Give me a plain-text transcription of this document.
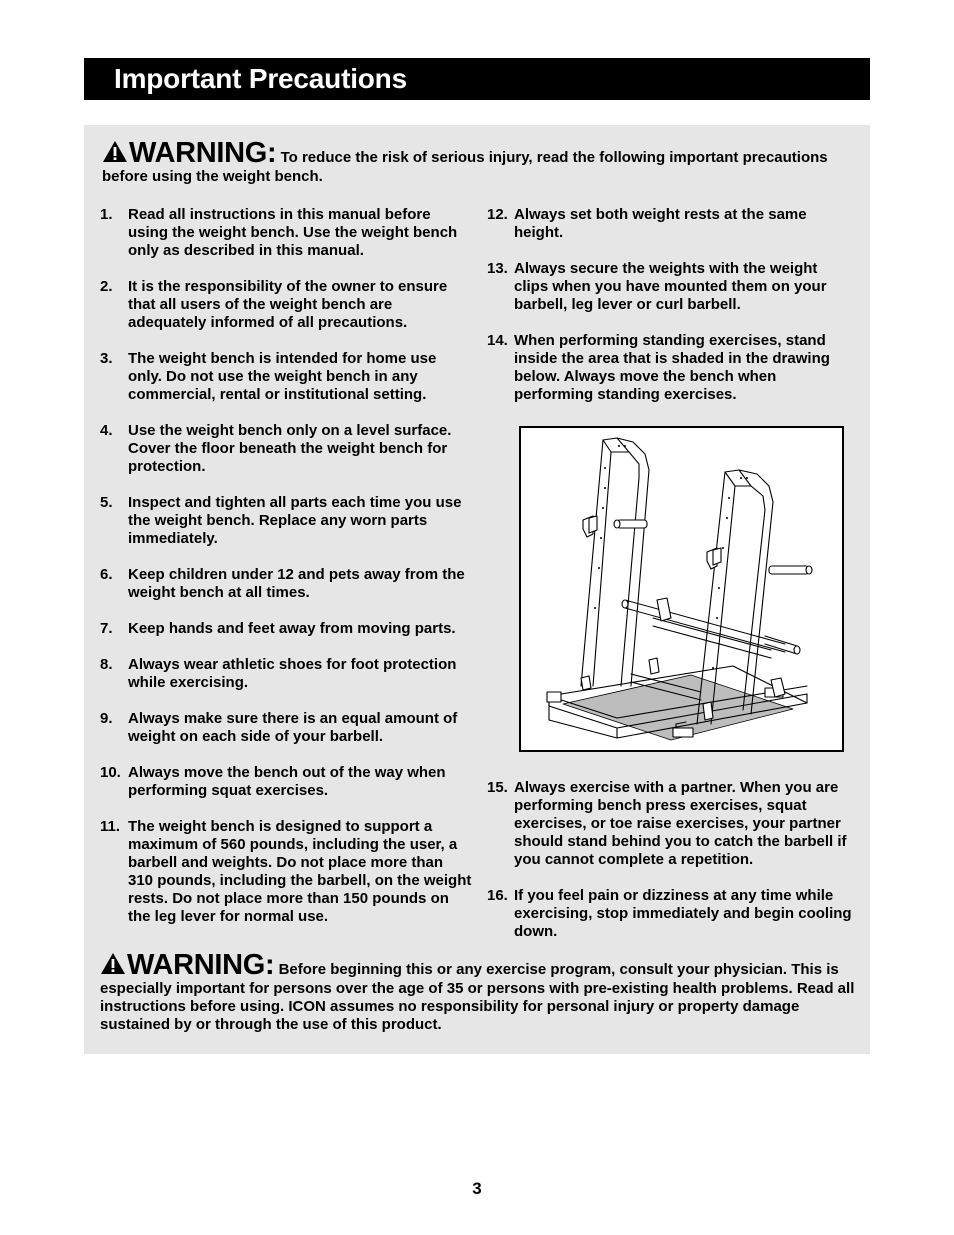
Important Precautions
WARNING: To reduce the risk of serious injury, read the following important precautions before using the weight bench.
1. Read all instructions in this manual before using the weight bench. Use the weight bench only as described in this manual.
2. It is the responsibility of the owner to ensure that all users of the weight bench are adequately informed of all precautions.
3. The weight bench is intended for home use only. Do not use the weight bench in any commercial, rental or institutional setting.
4. Use the weight bench only on a level surface. Cover the floor beneath the weight bench for protection.
5. Inspect and tighten all parts each time you use the weight bench. Replace any worn parts immediately.
6. Keep children under 12 and pets away from the weight bench at all times.
7. Keep hands and feet away from moving parts.
8. Always wear athletic shoes for foot protection while exercising.
9. Always make sure there is an equal amount of weight on each side of your barbell.
10. Always move the bench out of the way when performing squat exercises.
11. The weight bench is designed to support a maximum of 560 pounds, including the user, a barbell and weights. Do not place more than 310 pounds, including the barbell, on the weight rests. Do not place more than 150 pounds on the leg lever for normal use.
12. Always set both weight rests at the same height.
13. Always secure the weights with the weight clips when you have mounted them on your barbell, leg lever or curl barbell.
14. When performing standing exercises, stand inside the area that is shaded in the drawing below. Always move the bench when performing standing exercises.
15. Always exercise with a partner. When you are performing bench press exercises, squat exercises, or toe raise exercises, your partner should stand behind you to catch the barbell if you cannot complete a repetition.
16. If you feel pain or dizziness at any time while exercising, stop immediately and begin cooling down.
WARNING: Before beginning this or any exercise program, consult your physician. This is especially important for persons over the age of 35 or persons with pre-existing health problems. Read all instructions before using. ICON assumes no responsibility for personal injury or property damage sustained by or through the use of this product.
3
